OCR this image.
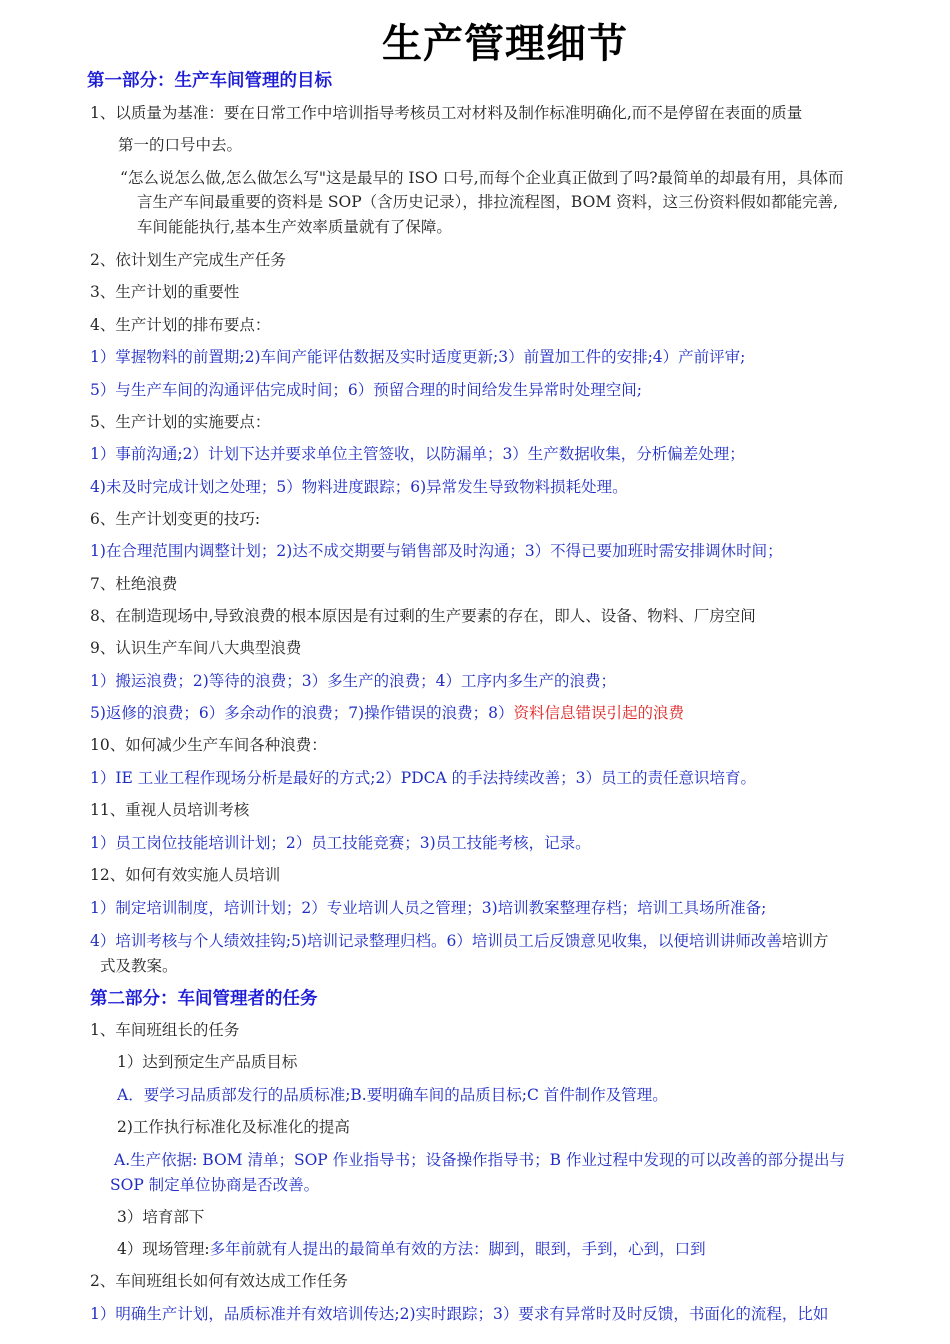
生产管理细节
第一部分：生产车间管理的目标
1、以质量为基准：要在日常工作中培训指导考核员工对材料及制作标准明确化,而不是停留在表面的质量
第一的口号中去。
“怎么说怎么做,怎么做怎么写"这是最早的 ISO 口号,而每个企业真正做到了吗?最简单的却最有用，具体而
言生产车间最重要的资料是 SOP（含历史记录），排拉流程图，BOM 资料，这三份资料假如都能完善,
车间能能执行,基本生产效率质量就有了保障。
2、依计划生产完成生产任务
3、生产计划的重要性
4、生产计划的排布要点：
1）掌握物料的前置期;2)车间产能评估数据及实时适度更新;3）前置加工件的安排;4）产前评审;
5）与生产车间的沟通评估完成时间；6）预留合理的时间给发生异常时处理空间;
5、生产计划的实施要点：
1）事前沟通;2）计划下达并要求单位主管签收，以防漏单；3）生产数据收集，分析偏差处理；
4)未及时完成计划之处理；5）物料进度跟踪；6)异常发生导致物料损耗处理。
6、生产计划变更的技巧:
1)在合理范围内调整计划；2)达不成交期要与销售部及时沟通；3）不得已要加班时需安排调休时间；
7、杜绝浪费
8、在制造现场中,导致浪费的根本原因是有过剩的生产要素的存在，即人、设备、物料、厂房空间
9、认识生产车间八大典型浪费
1）搬运浪费；2)等待的浪费；3）多生产的浪费；4）工序内多生产的浪费；
5)返修的浪费；6）多余动作的浪费；7)操作错误的浪费；8）资料信息错误引起的浪费
10、如何减少生产车间各种浪费：
1）IE 工业工程作现场分析是最好的方式;2）PDCA 的手法持续改善；3）员工的责任意识培育。
11、重视人员培训考核
1）员工岗位技能培训计划；2）员工技能竞赛；3)员工技能考核，记录。
12、如何有效实施人员培训
1）制定培训制度，培训计划；2）专业培训人员之管理；3)培训教案整理存档；培训工具场所准备;
4）培训考核与个人绩效挂钩;5)培训记录整理归档。6）培训员工后反馈意见收集，以便培训讲师改善培训方
式及教案。
第二部分：车间管理者的任务
1、车间班组长的任务
1）达到预定生产品质目标
A．要学习品质部发行的品质标准;B.要明确车间的品质目标;C 首件制作及管理。
2)工作执行标准化及标准化的提高
A.生产依据: BOM 清单；SOP 作业指导书；设备操作指导书；B 作业过程中发现的可以改善的部分提出与
SOP 制定单位协商是否改善。
3）培育部下
4）现场管理:多年前就有人提出的最简单有效的方法：脚到，眼到，手到，心到，口到
2、车间班组长如何有效达成工作任务
1）明确生产计划，品质标准并有效培训传达;2)实时跟踪；3）要求有异常时及时反馈，书面化的流程，比如
